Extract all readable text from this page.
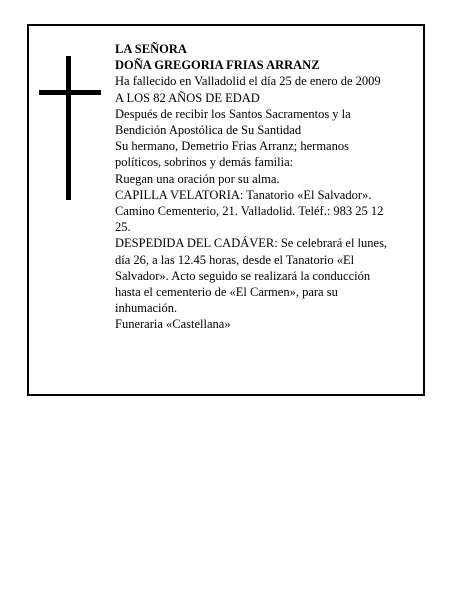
LA SEÑORA
DOÑA GREGORIA FRIAS ARRANZ
Ha fallecido en Valladolid el día 25 de enero de 2009
A LOS 82 AÑOS DE EDAD
Después de recibir los Santos Sacramentos y la
Bendición Apostólica de Su Santidad
Su hermano, Demetrio Frias Arranz; hermanos
políticos, sobrinos y demás familia:
Ruegan una oración por su alma.
CAPILLA VELATORIA: Tanatorio «El Salvador».
Camino Cementerio, 21. Valladolid. Teléf.: 983 25 12
25.
DESPEDIDA DEL CADÁVER: Se celebrará el lunes,
día 26, a las 12.45 horas, desde el Tanatorio «El
Salvador». Acto seguido se realizará la conducción
hasta el cementerio de «El Carmen», para su
inhumación.
Funeraria «Castellana»
